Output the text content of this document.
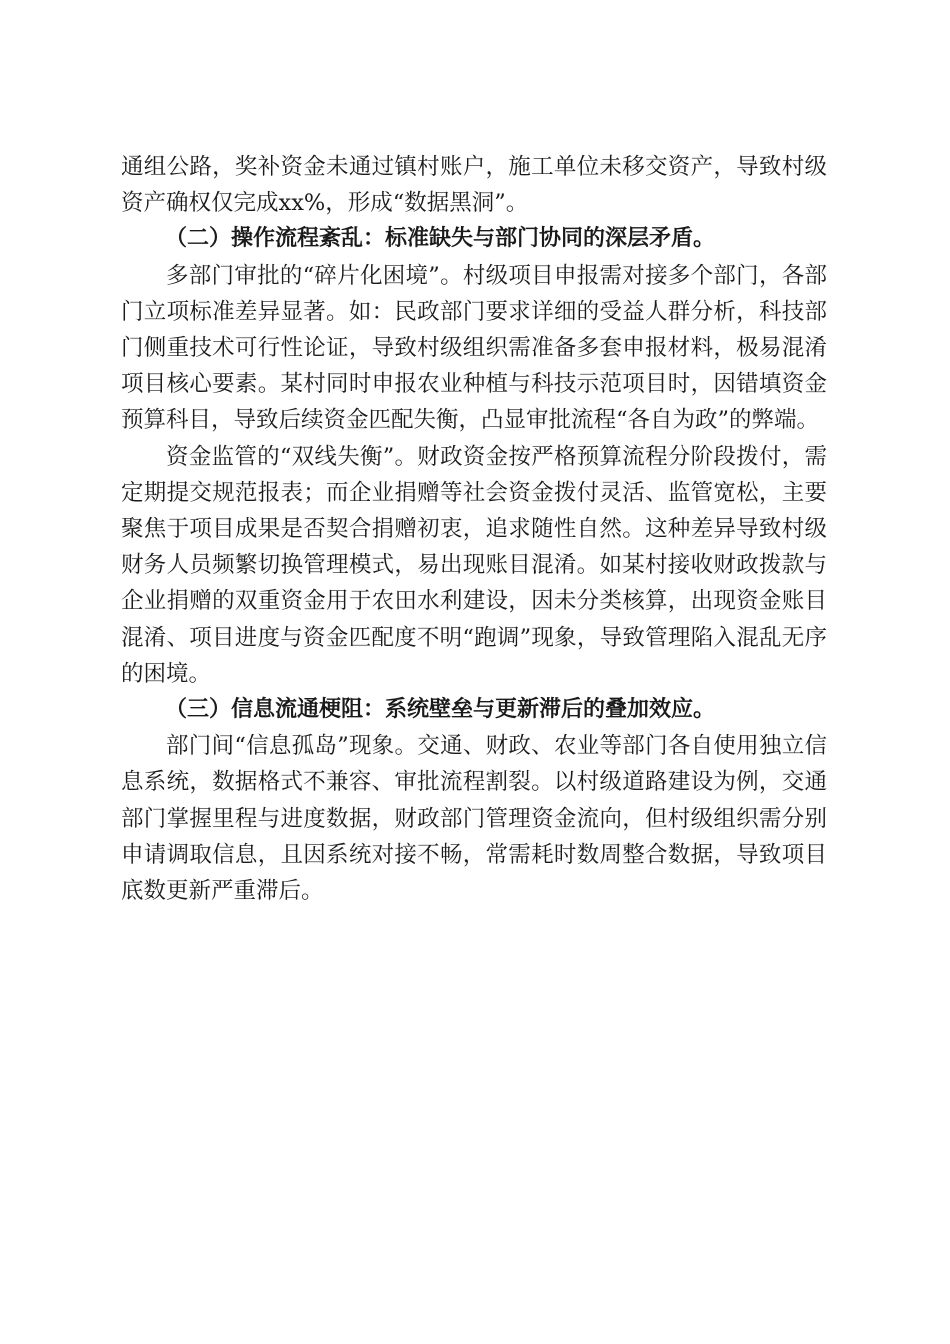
通组公路，奖补资金未通过镇村账户，施工单位未移交资产，导致村级资产确权仅完成xx%，形成“数据黑洞”。

（二）操作流程紊乱：标准缺失与部门协同的深层矛盾。

多部门审批的“碎片化困境”。村级项目申报需对接多个部门，各部门立项标准差异显著。如：民政部门要求详细的受益人群分析，科技部门侧重技术可行性论证，导致村级组织需准备多套申报材料，极易混淆项目核心要素。某村同时申报农业种植与科技示范项目时，因错填资金预算科目，导致后续资金匹配失衡，凸显审批流程“各自为政”的弊端。

资金监管的“双线失衡”。财政资金按严格预算流程分阶段拨付，需定期提交规范报表；而企业捐赠等社会资金拨付灵活、监管宽松，主要聚焦于项目成果是否契合捐赠初衷，追求随性自然。这种差异导致村级财务人员频繁切换管理模式，易出现账目混淆。如某村接收财政拨款与企业捐赠的双重资金用于农田水利建设，因未分类核算，出现资金账目混淆、项目进度与资金匹配度不明“跑调”现象，导致管理陷入混乱无序的困境。

（三）信息流通梗阻：系统壁垒与更新滞后的叠加效应。

部门间“信息孤岛”现象。交通、财政、农业等部门各自使用独立信息系统，数据格式不兼容、审批流程割裂。以村级道路建设为例，交通部门掌握里程与进度数据，财政部门管理资金流向，但村级组织需分别申请调取信息，且因系统对接不畅，常需耗时数周整合数据，导致项目底数更新严重滞后。
